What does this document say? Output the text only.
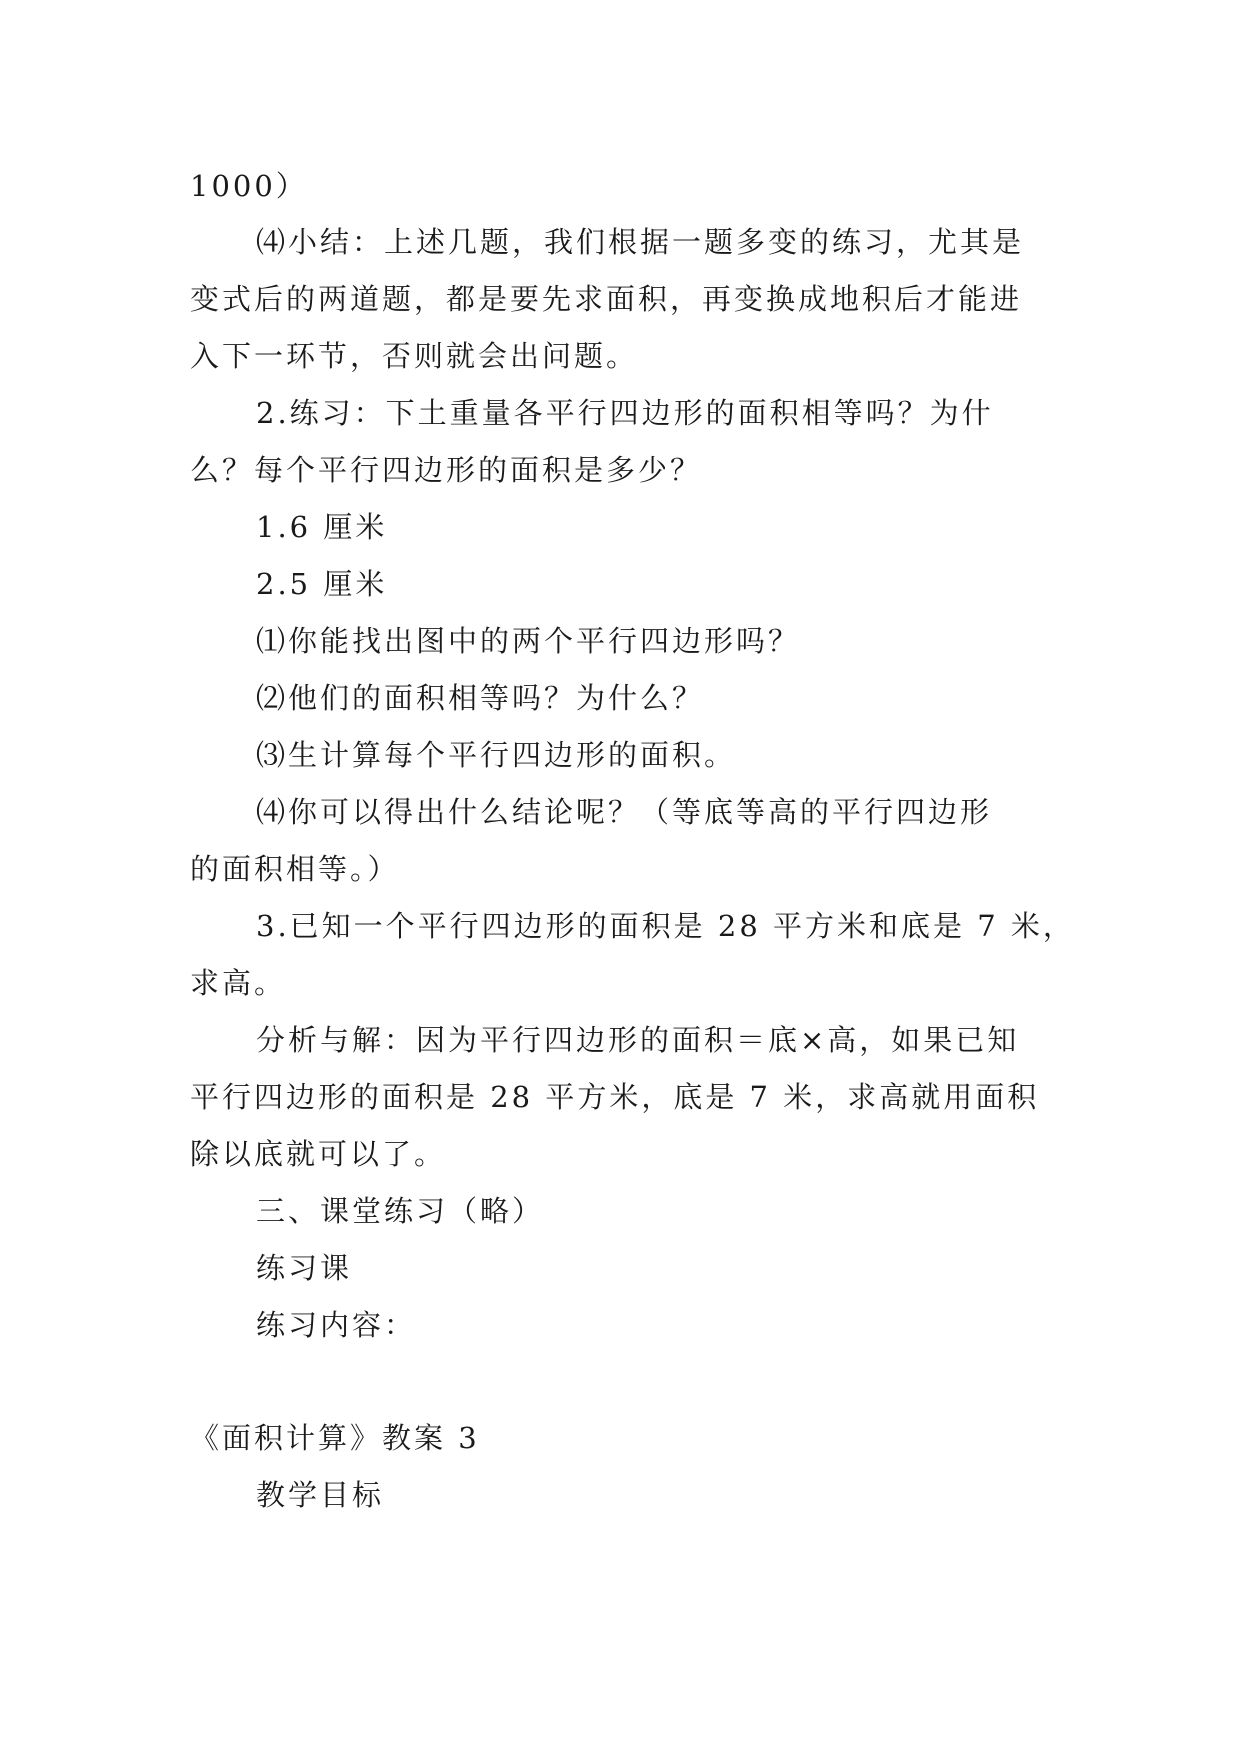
1000）
⑷小结：上述几题，我们根据一题多变的练习，尤其是
变式后的两道题，都是要先求面积，再变换成地积后才能进
入下一环节，否则就会出问题。
2.练习：下土重量各平行四边形的面积相等吗？为什
么？每个平行四边形的面积是多少？
1.6 厘米
2.5 厘米
⑴你能找出图中的两个平行四边形吗？
⑵他们的面积相等吗？为什么？
⑶生计算每个平行四边形的面积。
⑷你可以得出什么结论呢？（等底等高的平行四边形
的面积相等。）
3.已知一个平行四边形的面积是 28 平方米和底是 7 米，
求高。
分析与解：因为平行四边形的面积＝底×高，如果已知
平行四边形的面积是 28 平方米，底是 7 米，求高就用面积
除以底就可以了。
三、课堂练习（略）
练习课
练习内容：
《面积计算》教案 3
教学目标
